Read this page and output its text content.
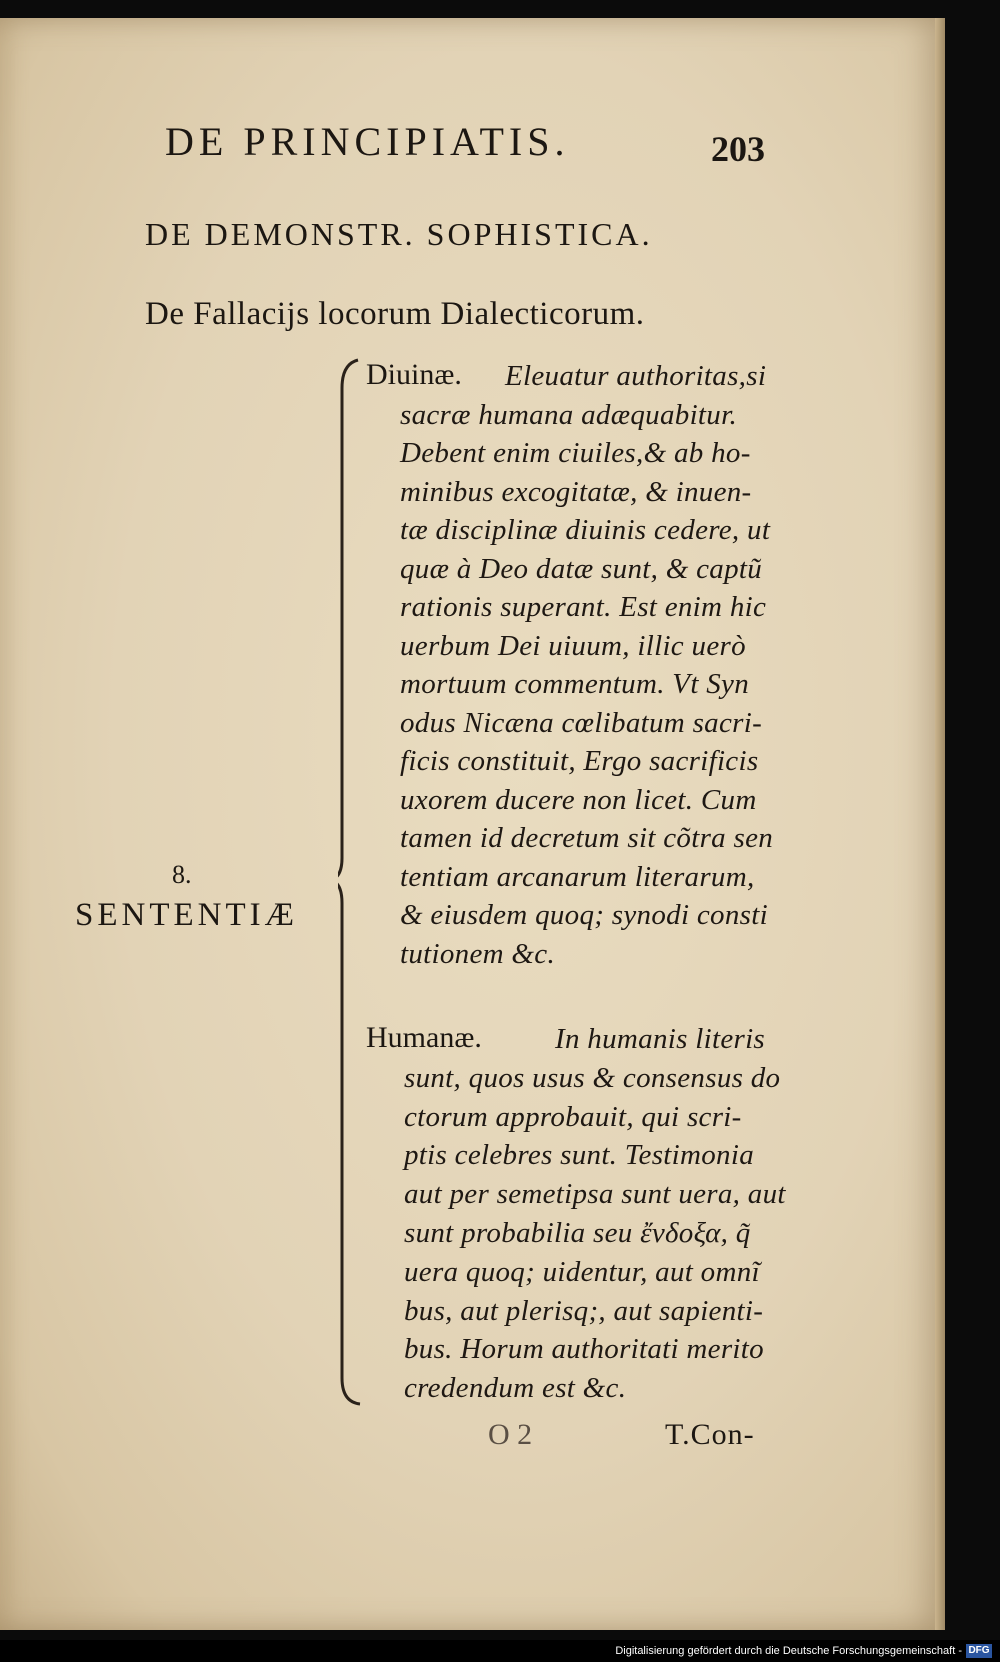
DE PRINCIPIATIS.	203
DE DEMONSTR. SOPHISTICA.
De Fallacijs locorum Dialecticorum.
8.
SENTENTIÆ
Diuinæ. Eleuatur authoritas,si
sacræ humana adæquabitur.
Debent enim ciuiles,& ab ho-
minibus excogitatæ, & inuen-
tæ disciplinæ diuinis cedere, ut
quæ à Deo datæ sunt, & captũ
rationis superant. Est enim hic
uerbum Dei uiuum, illic uerò
mortuum commentum. Vt Syn
odus Nicæna cœlibatum sacri-
ficis constituit, Ergo sacrificis
uxorem ducere non licet. Cum
tamen id decretum sit cõtra sen
tentiam arcanarum literarum,
& eiusdem quoq; synodi consti
tutionem &c.
Humanæ.	In humanis literis
sunt, quos usus & consensus do
ctorum approbauit, qui scri-
ptis celebres sunt. Testimonia
aut per semetipsa sunt uera, aut
sunt probabilia seu ἔνδοξα, q̃
uera quoq; uidentur, aut omnĩ
bus, aut plerisq;, aut sapienti-
bus. Horum authoritati merito
credendum est &c.
O 2	T.Con-
Digitalisierung gefördert durch die Deutsche Forschungsgemeinschaft - DFG
